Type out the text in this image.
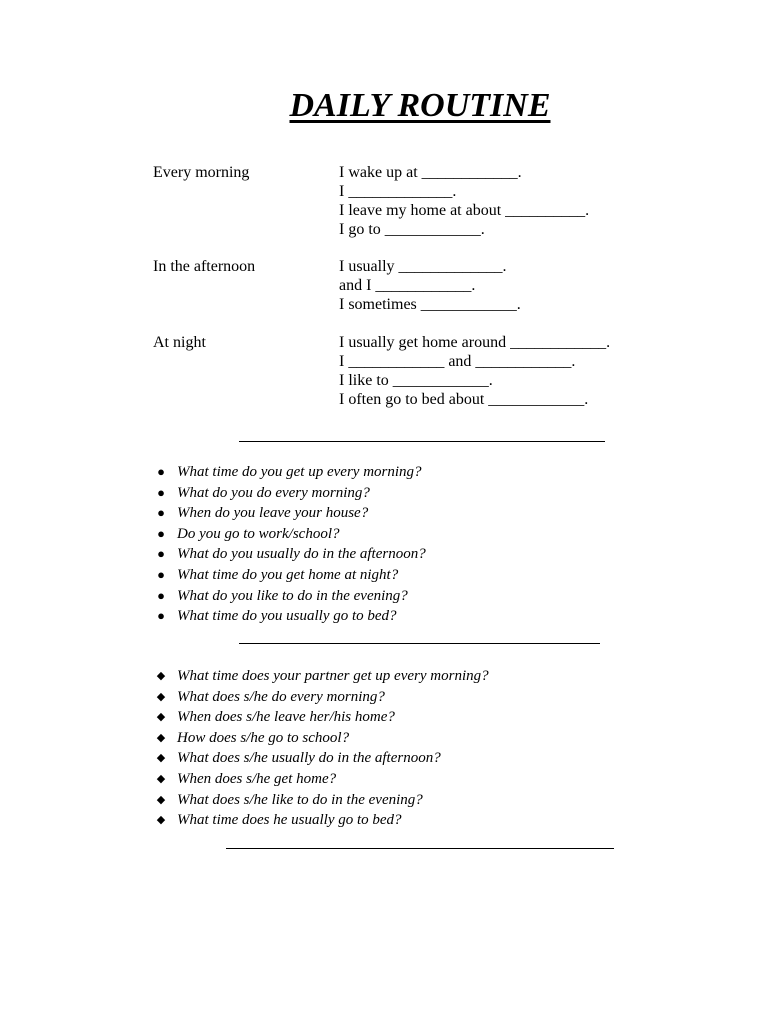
DAILY ROUTINE
Every morning	I wake up at ____________.
I _____________.
I leave my home at about __________.
I go to ____________.
In the afternoon	I usually _____________.
and I ____________.
I sometimes ____________.
At night	I usually get home around ____________.
I ____________ and ____________.
I like to ____________.
I often go to bed about ____________.
● What time do you get up every morning?
● What do you do every morning?
● When do you leave your house?
● Do you go to work/school?
● What do you usually do in the afternoon?
● What time do you get home at night?
● What do you like to do in the evening?
● What time do you usually go to bed?
◆ What time does your partner get up every morning?
◆ What does s/he do every morning?
◆ When does s/he leave her/his home?
◆ How does s/he go to school?
◆ What does s/he usually do in the afternoon?
◆ When does s/he get home?
◆ What does s/he like to do in the evening?
◆ What time does he usually go to bed?
